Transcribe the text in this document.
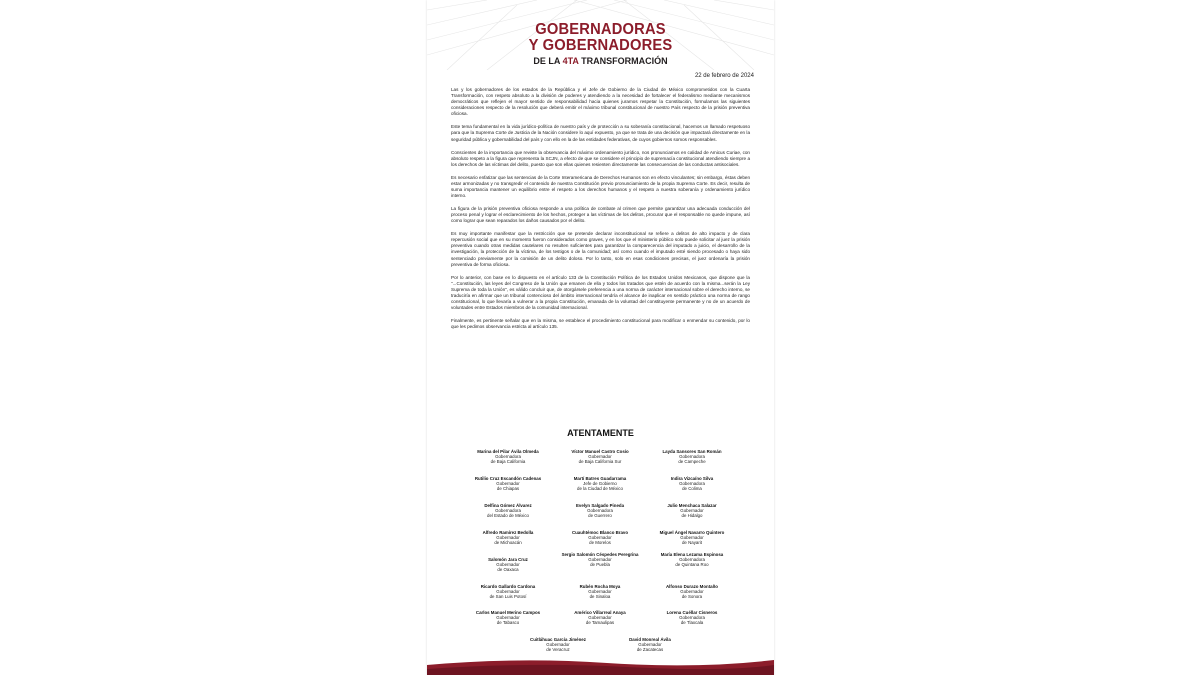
GOBERNADORAS
Y GOBERNADORES
DE LA 4TA TRANSFORMACIÓN
22 de febrero de 2024

Las y los gobernadores de los estados de la República y el Jefe de Gobierno de la Ciudad de México comprometidos con la Cuarta Transformación, con respeto absoluto a la división de poderes y atendiendo a la necesidad de fortalecer el federalismo mediante mecanismos democráticos que reflejen el mayor sentido de responsabilidad hacia quienes juramos respetar la Constitución, formulamos las siguientes consideraciones respecto de la resolución que deberá emitir el máximo tribunal constitucional de nuestro País respecto de la prisión preventiva oficiosa.

Este tema fundamental en la vida jurídico-política de nuestro país y de protección a su soberanía constitucional, hacemos un llamado respetuoso para que la Suprema Corte de Justicia de la Nación considere lo aquí expuesto, ya que se trata de una decisión que impactará directamente en la seguridad pública y gobernabilidad del país y con ello en la de las entidades federativas, de cuyos gobiernos somos responsables.

Conscientes de la importancia que reviste la observancia del máximo ordenamiento jurídico, nos pronunciamos en calidad de Amicus Curiae, con absoluto respeto a la figura que representa la SCJN, a efecto de que se considere el principio de supremacía constitucional atendiendo siempre a los derechos de las víctimas del delito, puesto que son ellas quienes resienten directamente las consecuencias de las conductas antisociales.

Es necesario enfatizar que las sentencias de la Corte Interamericana de Derechos Humanos son en efecto vinculantes; sin embargo, éstas deben estar armonizadas y no transgredir el contenido de nuestra Constitución previo pronunciamiento de la propia Suprema Corte. Es decir, resulta de suma importancia mantener un equilibrio entre el respeto a los derechos humanos y el respeto a nuestra soberanía y ordenamiento jurídico interno.

La figura de la prisión preventiva oficiosa responde a una política de combate al crimen que permite garantizar una adecuada conducción del proceso penal y lograr el esclarecimiento de los hechos, proteger a las víctimas de los delitos, procurar que el responsable no quede impune, así como lograr que sean reparados los daños causados por el delito.

Es muy importante manifestar que la restricción que se pretende declarar inconstitucional se refiere a delitos de alto impacto y de clara repercusión social que en su momento fueron considerados como graves, y en los que el ministerio público solo puede solicitar al juez la prisión preventiva cuando otras medidas cautelares no resulten suficientes para garantizar la comparecencia del imputado a juicio, el desarrollo de la investigación, la protección de la víctima, de los testigos o de la comunidad; así como cuando el imputado esté siendo procesado o haya sido sentenciado previamente por la comisión de un delito doloso. Por lo tanto, solo en esas condiciones precisas, el juez ordenaría la prisión preventiva de forma oficiosa.

Por lo anterior, con base en lo dispuesto en el artículo 133 de la Constitución Política de los Estados Unidos Mexicanos, que dispone que la "...Constitución, las leyes del Congreso de la Unión que emanen de ella y todos los tratados que estén de acuerdo con la misma...serán la Ley Suprema de toda la Unión", es válido concluir que, de otorgársele preferencia a una norma de carácter internacional sobre el derecho interno, se traduciría en afirmar que un tribunal contencioso del ámbito internacional tendría el alcance de inaplicar en sentido práctico una norma de rango constitucional, lo que llevaría a vulnerar a la propia Constitución, emanada de la voluntad del constituyente permanente y no de un acuerdo de voluntades entre Estados miembros de la comunidad internacional.

Finalmente, es pertinente señalar que en la misma, se establece el procedimiento constitucional para modificar o enmendar su contenido, por lo que les pedimos observancia estricta al artículo 135.

ATENTAMENTE
Marina del Pilar Ávila Olmeda
Gobernadora
de Baja California
Víctor Manuel Castro Cosío
Gobernador
de Baja California Sur
Layda Sansores San Román
Gobernadora
de Campeche
Rutilio Cruz Escandón Cadenas
Gobernador
de Chiapas
Martí Batres Guadarrama
Jefe de Gobierno
de la Ciudad de México
Indira Vizcaíno Silva
Gobernadora
de Colima
Delfina Gómez Álvarez
Gobernadora
del Estado de México
Evelyn Salgado Pineda
Gobernadora
de Guerrero
Julio Menchaca Salazar
Gobernador
de Hidalgo
Alfredo Ramírez Bedolla
Gobernador
de Michoacán
Cuauhtémoc Blanco Bravo
Gobernador
de Morelos
Miguel Ángel Navarro Quintero
Gobernador
de Nayarit
Salomón Jara Cruz
Gobernador
de Oaxaca
Sergio Salomón Céspedes Peregrina
Gobernador
de Puebla
María Elena Lezama Espinosa
Gobernadora
de Quintana Roo
Ricardo Gallardo Cardona
Gobernador
de San Luis Potosí
Rubén Rocha Moya
Gobernador
de Sinaloa
Alfonso Durazo Montaño
Gobernador
de Sonora
Carlos Manuel Merino Campos
Gobernador
de Tabasco
Américo Villarreal Anaya
Gobernador
de Tamaulipas
Lorena Cuéllar Cisneros
Gobernadora
de Tlaxcala
Cuitláhuac García Jiménez
Gobernador
de Veracruz
David Monreal Ávila
Gobernador
de Zacatecas
